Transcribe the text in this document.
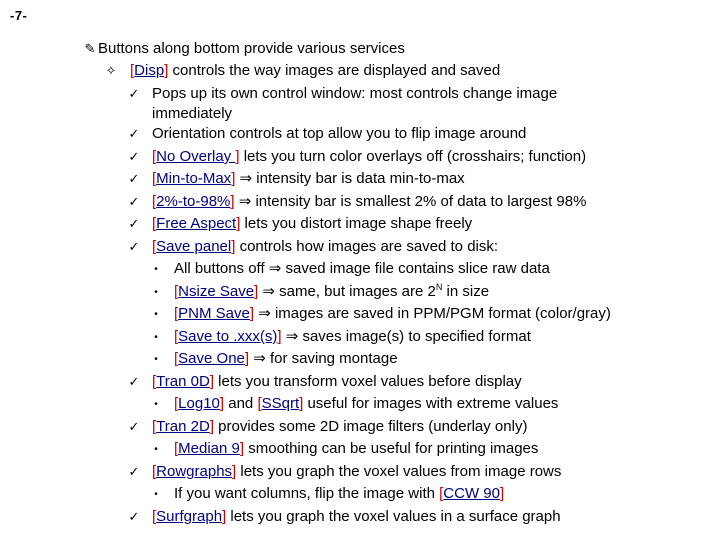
-7-
✎ Buttons along bottom provide various services
✧ [Disp] controls the way images are displayed and saved
✓ Pops up its own control window: most controls change image
immediately
✓ Orientation controls at top allow you to flip image around
✓ [No Overlay ] lets you turn color overlays off (crosshairs; function)
✓ [Min-to-Max] ⇒ intensity bar is data min-to-max
✓ [2%-to-98%] ⇒ intensity bar is smallest 2% of data to largest 98%
✓ [Free Aspect] lets you distort image shape freely
✓ [Save panel] controls how images are saved to disk:
•	All buttons off ⇒ saved image file contains slice raw data
•	[Nsize Save] ⇒ same, but images are $2^N$ in size
•	[PNM Save] ⇒ images are saved in PPM/PGM format (color/gray)
•	[Save to .xxx(s)] ⇒ saves image(s) to specified format
•	[Save One] ⇒ for saving montage
✓ [Tran 0D] lets you transform voxel values before display
•	[Log10] and [SSqrt] useful for images with extreme values
✓ [Tran 2D] provides some 2D image filters (underlay only)
•	[Median 9] smoothing can be useful for printing images
✓ [Rowgraphs] lets you graph the voxel values from image rows
•	If you want columns, flip the image with [CCW 90]
✓ [Surfgraph] lets you graph the voxel values in a surface graph
